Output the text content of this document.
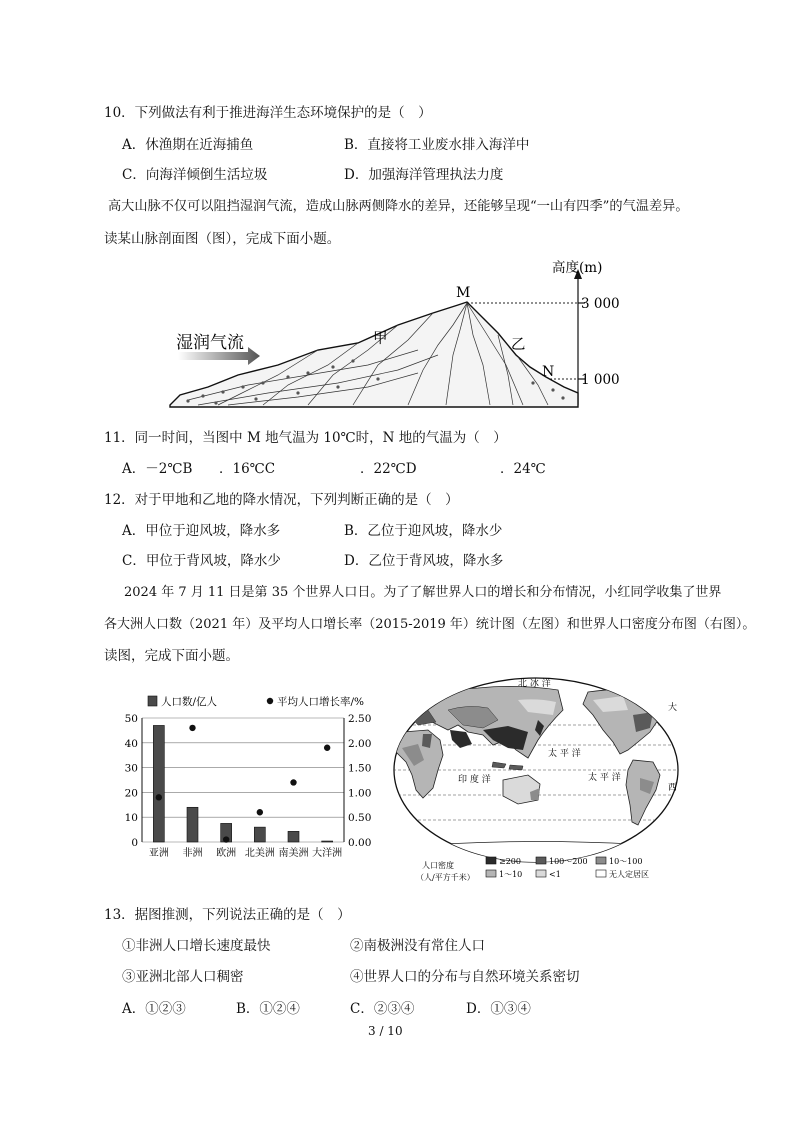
10．下列做法有利于推进海洋生态环境保护的是（　）
A．休渔期在近海捕鱼	B．直接将工业废水排入海洋中
C．向海洋倾倒生活垃圾	D．加强海洋管理执法力度
高大山脉不仅可以阻挡湿润气流，造成山脉两侧降水的差异，还能够呈现“一山有四季”的气温差异。
读某山脉剖面图（图），完成下面小题。
高度(m)
3 000
1 000
M
N
甲	乙
湿润气流
11．同一时间，当图中 M 地气温为 10℃时，N 地的气温为（　）
A．－2℃B ．16℃C	．22℃D	．24℃
12．对于甲地和乙地的降水情况，下列判断正确的是（　）
A．甲位于迎风坡，降水多	B．乙位于迎风坡，降水少
C．甲位于背风坡，降水少	D．乙位于背风坡，降水多
2024 年 7 月 11 日是第 35 个世界人口日。为了了解世界人口的增长和分布情况，小红同学收集了世界
各大洲人口数（2021 年）及平均人口增长率（2015-2019 年）统计图（左图）和世界人口密度分布图（右图）。
读图，完成下面小题。
0	0.00
10	0.50
20	1.00
30	1.50
40	2.00
50	2.50
亚洲 非洲 欧洲 北美洲 南美洲 大洋洲
人口数/亿人	平均人口增长率/%
北 冰 洋
太 平 洋
印 度 洋
大
西
太 平 洋
人口密度
（人/平方千米）
≥200	100～200	10～100
1～10	<1	无人定居区
13．据图推测，下列说法正确的是（　）
①非洲人口增长速度最快	②南极洲没有常住人口
③亚洲北部人口稠密	④世界人口的分布与自然环境关系密切
A．①②③	B．①②④	C．②③④	D．①③④
3 / 10
